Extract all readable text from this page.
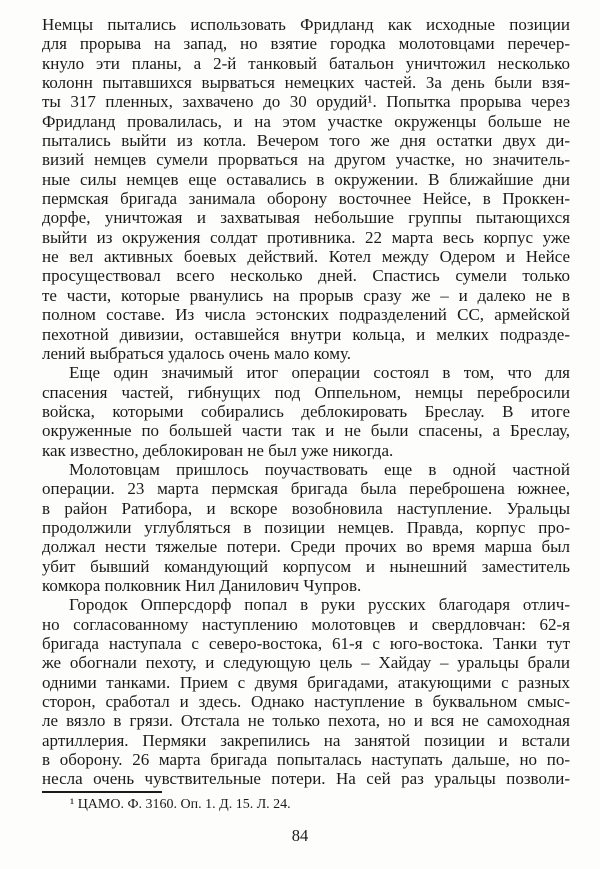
Немцы пытались использовать Фридланд как исходные позиции
для прорыва на запад, но взятие городка молотовцами перечер-
кнуло эти планы, а 2-й танковый батальон уничтожил несколько
колонн пытавшихся вырваться немецких частей. За день были взя-
ты 317 пленных, захвачено до 30 орудий¹. Попытка прорыва через
Фридланд провалилась, и на этом участке окруженцы больше не
пытались выйти из котла. Вечером того же дня остатки двух ди-
визий немцев сумели прорваться на другом участке, но значитель-
ные силы немцев еще оставались в окружении. В ближайшие дни
пермская бригада занимала оборону восточнее Нейсе, в Проккен-
дорфе, уничтожая и захватывая небольшие группы пытающихся
выйти из окружения солдат противника. 22 марта весь корпус уже
не вел активных боевых действий. Котел между Одером и Нейсе
просуществовал всего несколько дней. Спастись сумели только
те части, которые рванулись на прорыв сразу же – и далеко не в
полном составе. Из числа эстонских подразделений СС, армейской
пехотной дивизии, оставшейся внутри кольца, и мелких подразде-
лений выбраться удалось очень мало кому.
Еще один значимый итог операции состоял в том, что для
спасения частей, гибнущих под Оппельном, немцы перебросили
войска, которыми собирались деблокировать Бреслау. В итоге
окруженные по большей части так и не были спасены, а Бреслау,
как известно, деблокирован не был уже никогда.
Молотовцам пришлось поучаствовать еще в одной частной
операции. 23 марта пермская бригада была переброшена южнее,
в район Ратибора, и вскоре возобновила наступление. Уральцы
продолжили углубляться в позиции немцев. Правда, корпус про-
должал нести тяжелые потери. Среди прочих во время марша был
убит бывший командующий корпусом и нынешний заместитель
комкора полковник Нил Данилович Чупров.
Городок Опперсдорф попал в руки русских благодаря отлич-
но согласованному наступлению молотовцев и свердловчан: 62-я
бригада наступала с северо-востока, 61-я с юго-востока. Танки тут
же обогнали пехоту, и следующую цель – Хайдау – уральцы брали
одними танками. Прием с двумя бригадами, атакующими с разных
сторон, сработал и здесь. Однако наступление в буквальном смыс-
ле вязло в грязи. Отстала не только пехота, но и вся не самоходная
артиллерия. Пермяки закрепились на занятой позиции и встали
в оборону. 26 марта бригада попыталась наступать дальше, но по-
несла очень чувствительные потери. На сей раз уральцы позволи-
¹ ЦАМО. Ф. 3160. Оп. 1. Д. 15. Л. 24.
84
